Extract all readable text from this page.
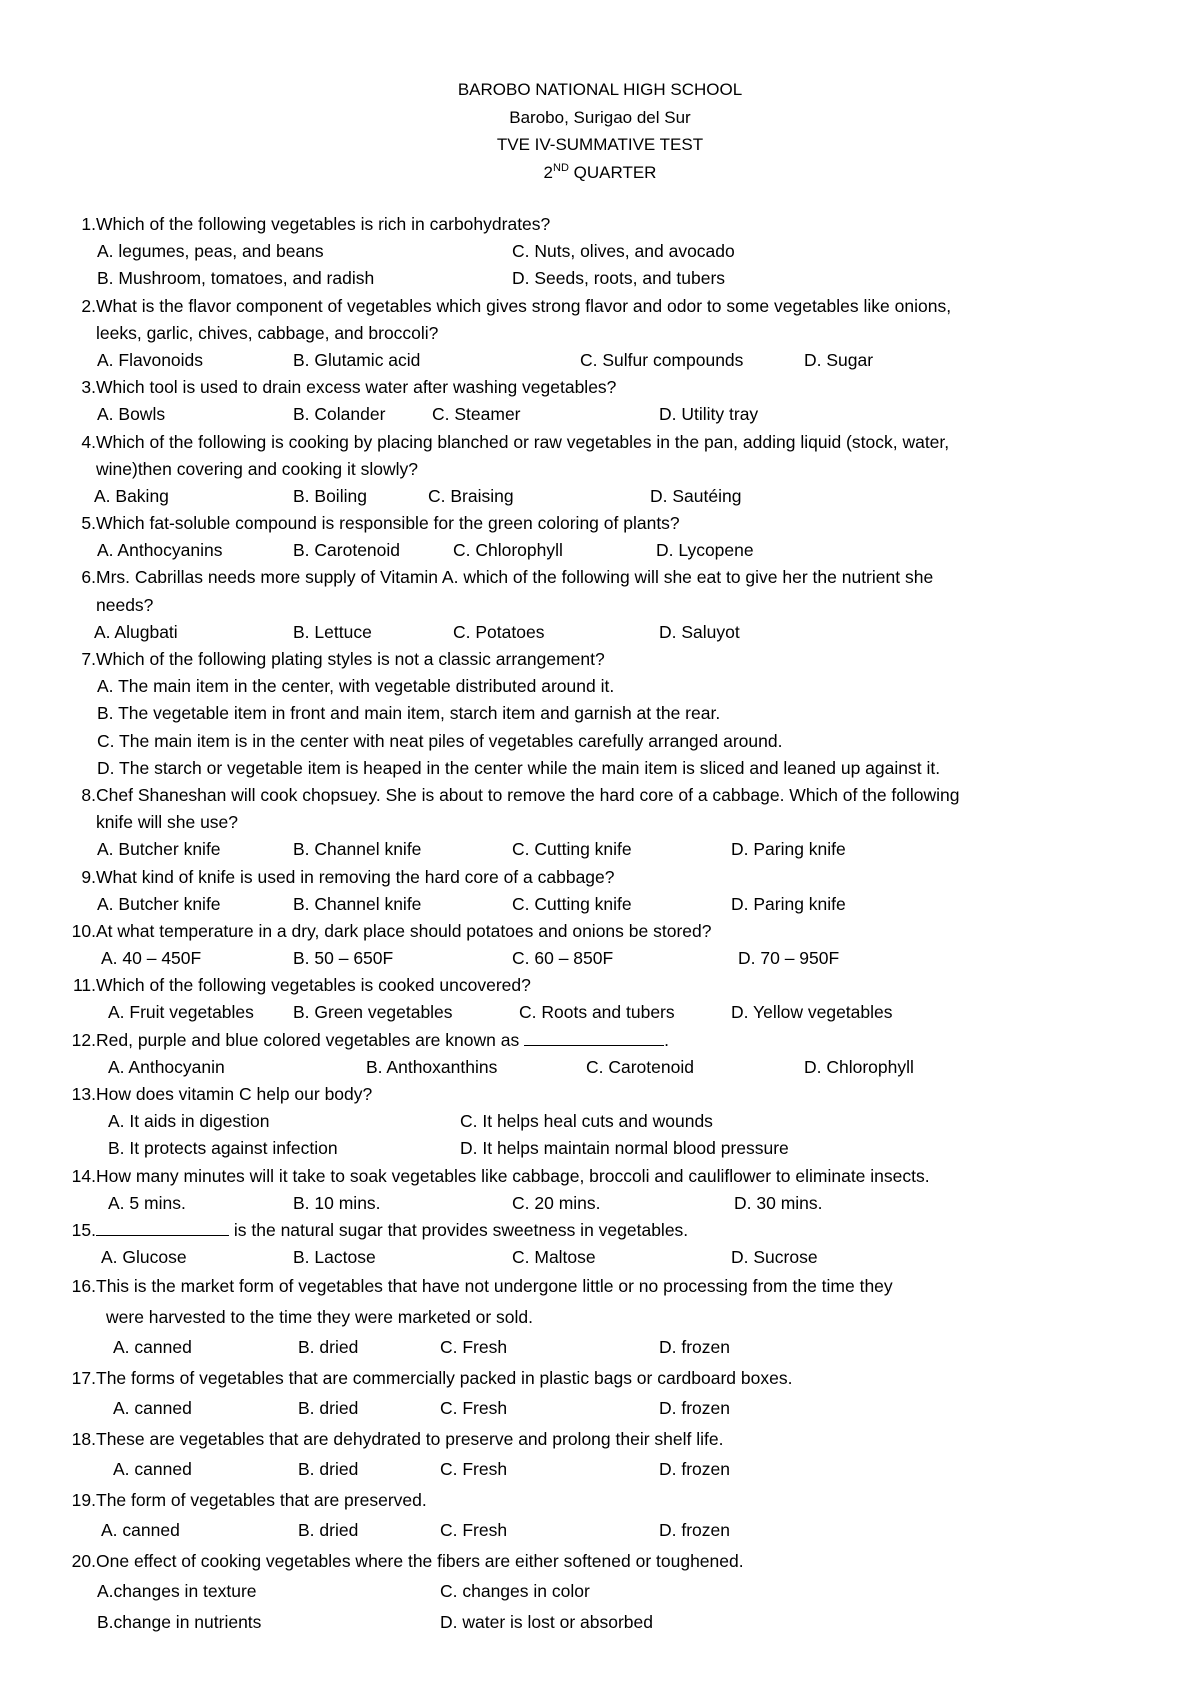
BAROBO NATIONAL HIGH SCHOOL
Barobo, Surigao del Sur
TVE IV-SUMMATIVE TEST
2ND QUARTER
1. Which of the following vegetables is rich in carbohydrates?
A. legumes, peas, and beans	C. Nuts, olives, and avocado
B. Mushroom, tomatoes, and radish	D. Seeds, roots, and tubers
2. What is the flavor component of vegetables which gives strong flavor and odor to some vegetables like onions,
leeks, garlic, chives, cabbage, and broccoli?
A. Flavonoids	B. Glutamic acid	C. Sulfur compounds	D. Sugar
3. Which tool is used to drain excess water after washing vegetables?
A. Bowls	B. Colander	C. Steamer	D. Utility tray
4. Which of the following is cooking by placing blanched or raw vegetables in the pan, adding liquid (stock, water,
wine)then covering and cooking it slowly?
A. Baking	B. Boiling	C. Braising	D. Sautéing
5. Which fat-soluble compound is responsible for the green coloring of plants?
A. Anthocyanins	B. Carotenoid	C. Chlorophyll	D. Lycopene
6. Mrs. Cabrillas needs more supply of Vitamin A. which of the following will she eat to give her the nutrient she
needs?
A. Alugbati	B. Lettuce	C. Potatoes	D. Saluyot
7. Which of the following plating styles is not a classic arrangement?
A. The main item in the center, with vegetable distributed around it.
B. The vegetable item in front and main item, starch item and garnish at the rear.
C. The main item is in the center with neat piles of vegetables carefully arranged around.
D. The starch or vegetable item is heaped in the center while the main item is sliced and leaned up against it.
8. Chef Shaneshan will cook chopsuey. She is about to remove the hard core of a cabbage. Which of the following
knife will she use?
A. Butcher knife	B. Channel knife	C. Cutting knife	D. Paring knife
9. What kind of knife is used in removing the hard core of a cabbage?
A. Butcher knife	B. Channel knife	C. Cutting knife	D. Paring knife
10. At what temperature in a dry, dark place should potatoes and onions be stored?
A. 40 – 450F	B. 50 – 650F	C. 60 – 850F	D. 70 – 950F
11. Which of the following vegetables is cooked uncovered?
A. Fruit vegetables B. Green vegetables	C. Roots and tubers	D. Yellow vegetables
12. Red, purple and blue colored vegetables are known as	.
A. Anthocyanin	B. Anthoxanthins	C. Carotenoid	D. Chlorophyll
13. How does vitamin C help our body?
A. It aids in digestion	C. It helps heal cuts and wounds
B. It protects against infection	D. It helps maintain normal blood pressure
14. How many minutes will it take to soak vegetables like cabbage, broccoli and cauliflower to eliminate insects.
A. 5 mins.	B. 10 mins.	C. 20 mins.	D. 30 mins.
15.	is the natural sugar that provides sweetness in vegetables.
A. Glucose	B. Lactose	C. Maltose	D. Sucrose
16. This is the market form of vegetables that have not undergone little or no processing from the time they
were harvested to the time they were marketed or sold.
A. canned	B. dried	C. Fresh	D. frozen
17. The forms of vegetables that are commercially packed in plastic bags or cardboard boxes.
A. canned	B. dried	C. Fresh	D. frozen
18. These are vegetables that are dehydrated to preserve and prolong their shelf life.
A. canned	B. dried	C. Fresh	D. frozen
19. The form of vegetables that are preserved.
A. canned	B. dried	C. Fresh	D. frozen
20. One effect of cooking vegetables where the fibers are either softened or toughened.
A.changes in texture	C. changes in color
B.change in nutrients	D. water is lost or absorbed
